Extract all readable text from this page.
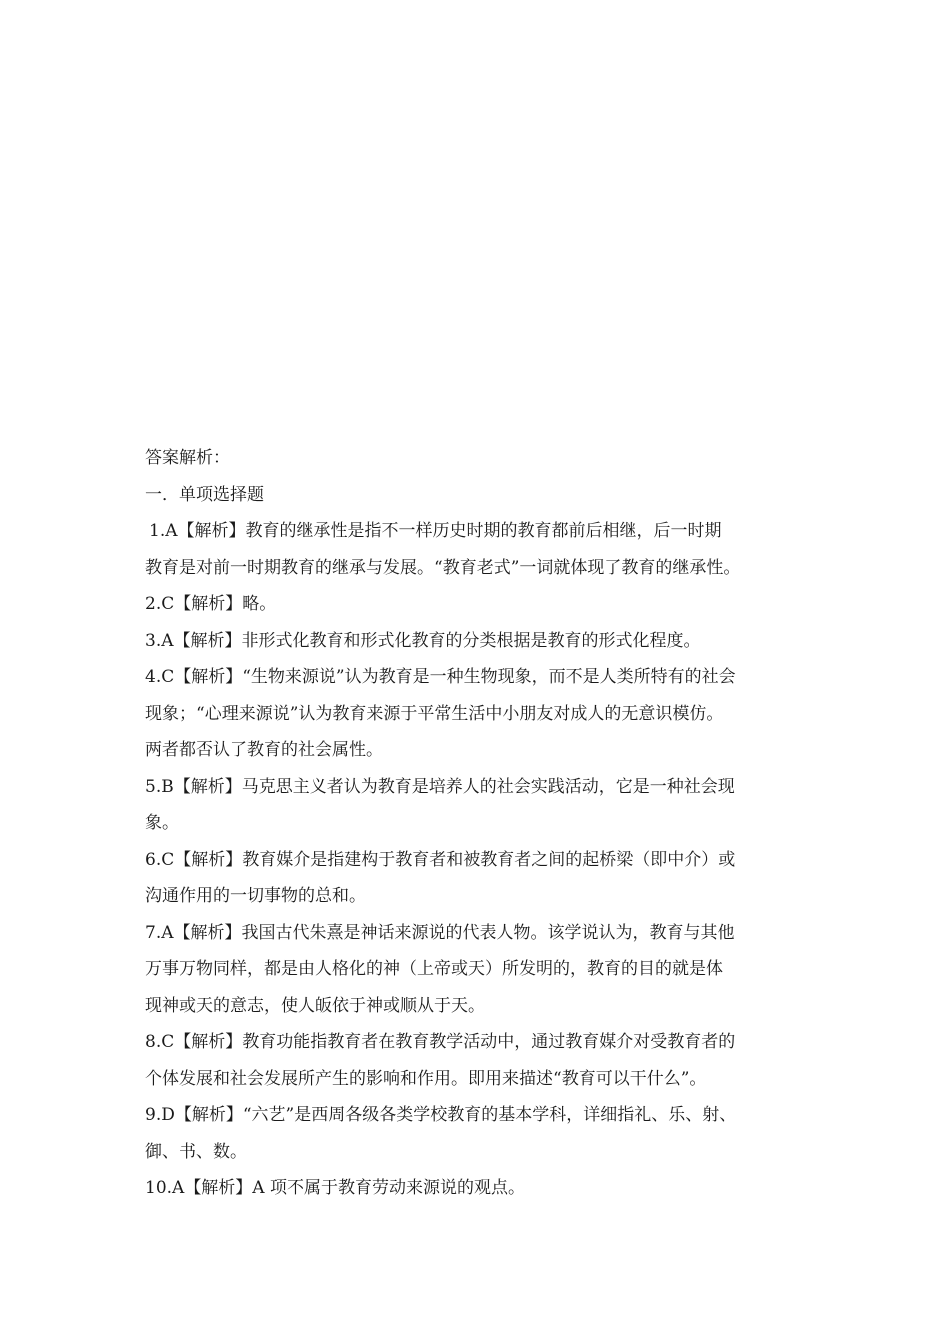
答案解析：
一．单项选择题
1.A【解析】教育的继承性是指不一样历史时期的教育都前后相继，后一时期
教育是对前一时期教育的继承与发展。“教育老式”一词就体现了教育的继承性。
2.C【解析】略。
3.A【解析】非形式化教育和形式化教育的分类根据是教育的形式化程度。
4.C【解析】“生物来源说”认为教育是一种生物现象，而不是人类所特有的社会
现象；“心理来源说”认为教育来源于平常生活中小朋友对成人的无意识模仿。
两者都否认了教育的社会属性。
5.B【解析】马克思主义者认为教育是培养人的社会实践活动，它是一种社会现
象。
6.C【解析】教育媒介是指建构于教育者和被教育者之间的起桥梁（即中介）或
沟通作用的一切事物的总和。
7.A【解析】我国古代朱熹是神话来源说的代表人物。该学说认为，教育与其他
万事万物同样，都是由人格化的神（上帝或天）所发明的，教育的目的就是体
现神或天的意志，使人皈依于神或顺从于天。
8.C【解析】教育功能指教育者在教育教学活动中，通过教育媒介对受教育者的
个体发展和社会发展所产生的影响和作用。即用来描述“教育可以干什么”。
9.D【解析】“六艺”是西周各级各类学校教育的基本学科，详细指礼、乐、射、
御、书、数。
10.A【解析】A 项不属于教育劳动来源说的观点。
